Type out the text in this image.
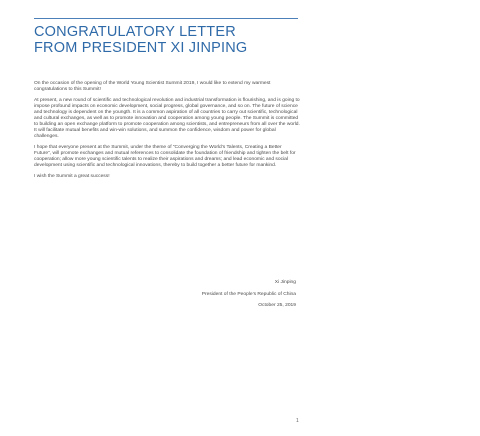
CONGRATULATORY LETTER
FROM PRESIDENT XI JINPING

On the occasion of the opening of the World Young Scientist Summit 2019, I would like to extend my warmest congratulations to this Summit!

At present, a new round of scientific and technological revolution and industrial transformation is flourishing, and is going to impose profound impacts on economic development, social progress, global governance, and so on. The future of science and technology is dependent on the youngth. It is a common aspiration of all countries to carry out scientific, technological and cultural exchanges, as well as to promote innovation and cooperation among young people. The Summit is committed to building an open exchange platform to promote cooperation among scientists, and entrepreneurs from all over the world. It will facilitate mutual benefits and win-win solutions, and summon the confidence, wisdom and power for global challenges.

I hope that everyone present at the Summit, under the theme of “Converging the World’s Talents, Creating a Better Future”, will promote exchanges and mutual references to consolidate the foundation of friendship and tighten the belt for cooperation; allow more young scientific talents to realize their aspirations and dreams; and lead economic and social development using scientific and technological innovations, thereby to build together a better future for mankind.

I wish the Summit a great success!

Xi Jinping
President of the People’s Republic of China
October 25, 2019
1
